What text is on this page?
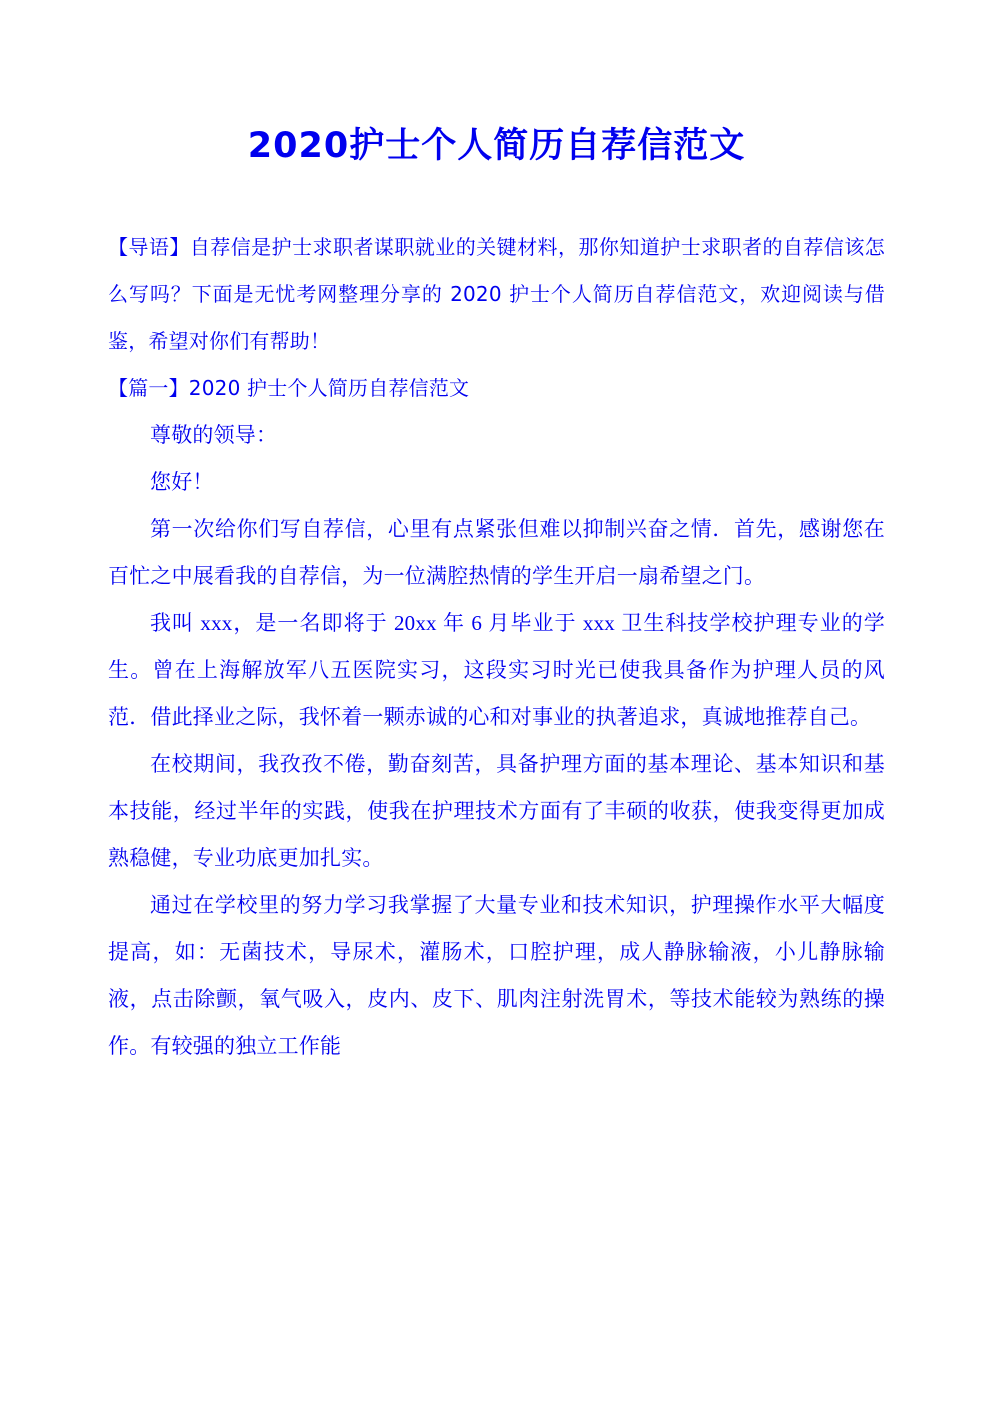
2020护士个人简历自荐信范文

【导语】自荐信是护士求职者谋职就业的关键材料，那你知道护士求职者的自荐信该怎么写吗？下面是无忧考网整理分享的 2020 护士个人简历自荐信范文，欢迎阅读与借鉴，希望对你们有帮助！

【篇一】2020 护士个人简历自荐信范文

尊敬的领导：

您好！

第一次给你们写自荐信，心里有点紧张但难以抑制兴奋之情．首先，感谢您在百忙之中展看我的自荐信，为一位满腔热情的学生开启一扇希望之门。

我叫 xxx，是一名即将于 20xx 年 6 月毕业于 xxx 卫生科技学校护理专业的学生。曾在上海解放军八五医院实习，这段实习时光已使我具备作为护理人员的风范．借此择业之际，我怀着一颗赤诚的心和对事业的执著追求，真诚地推荐自己。

在校期间，我孜孜不倦，勤奋刻苦，具备护理方面的基本理论、基本知识和基本技能，经过半年的实践，使我在护理技术方面有了丰硕的收获，使我变得更加成熟稳健，专业功底更加扎实。

通过在学校里的努力学习我掌握了大量专业和技术知识，护理操作水平大幅度提高，如：无菌技术，导尿术，灌肠术，口腔护理，成人静脉输液，小儿静脉输液，点击除颤，氧气吸入，皮内、皮下、肌肉注射洗胃术，等技术能较为熟练的操作。有较强的独立工作能
